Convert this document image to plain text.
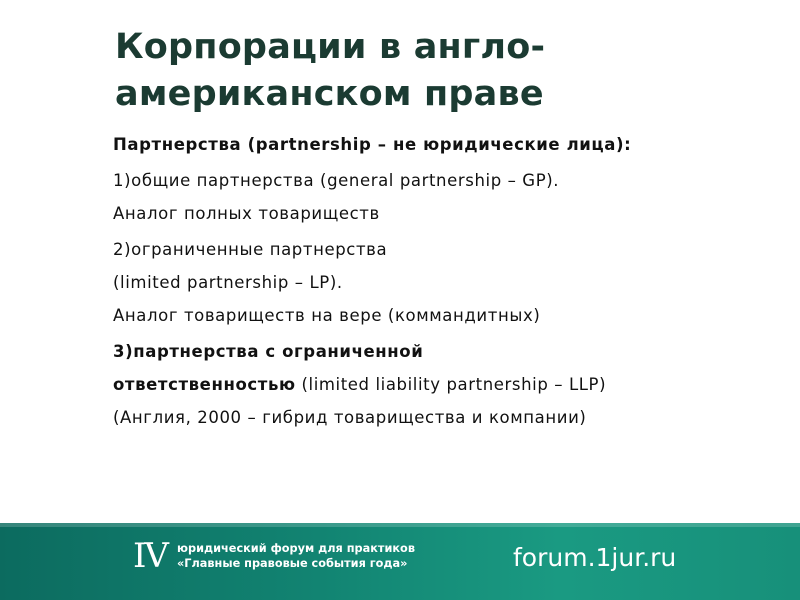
Корпорации в англо-американском праве
Партнерства (partnership – не юридические лица):
1)общие партнерства (general partnership – GP).
Аналог полных товариществ
2)ограниченные партнерства
(limited partnership – LP).
Аналог товариществ на вере (коммандитных)
3)партнерства с ограниченной
ответственностью (limited liability partnership – LLP)
(Англия, 2000 – гибрид товарищества и компании)
IV юридический форум для практиков
«Главные правовые события года»	forum.1jur.ru
